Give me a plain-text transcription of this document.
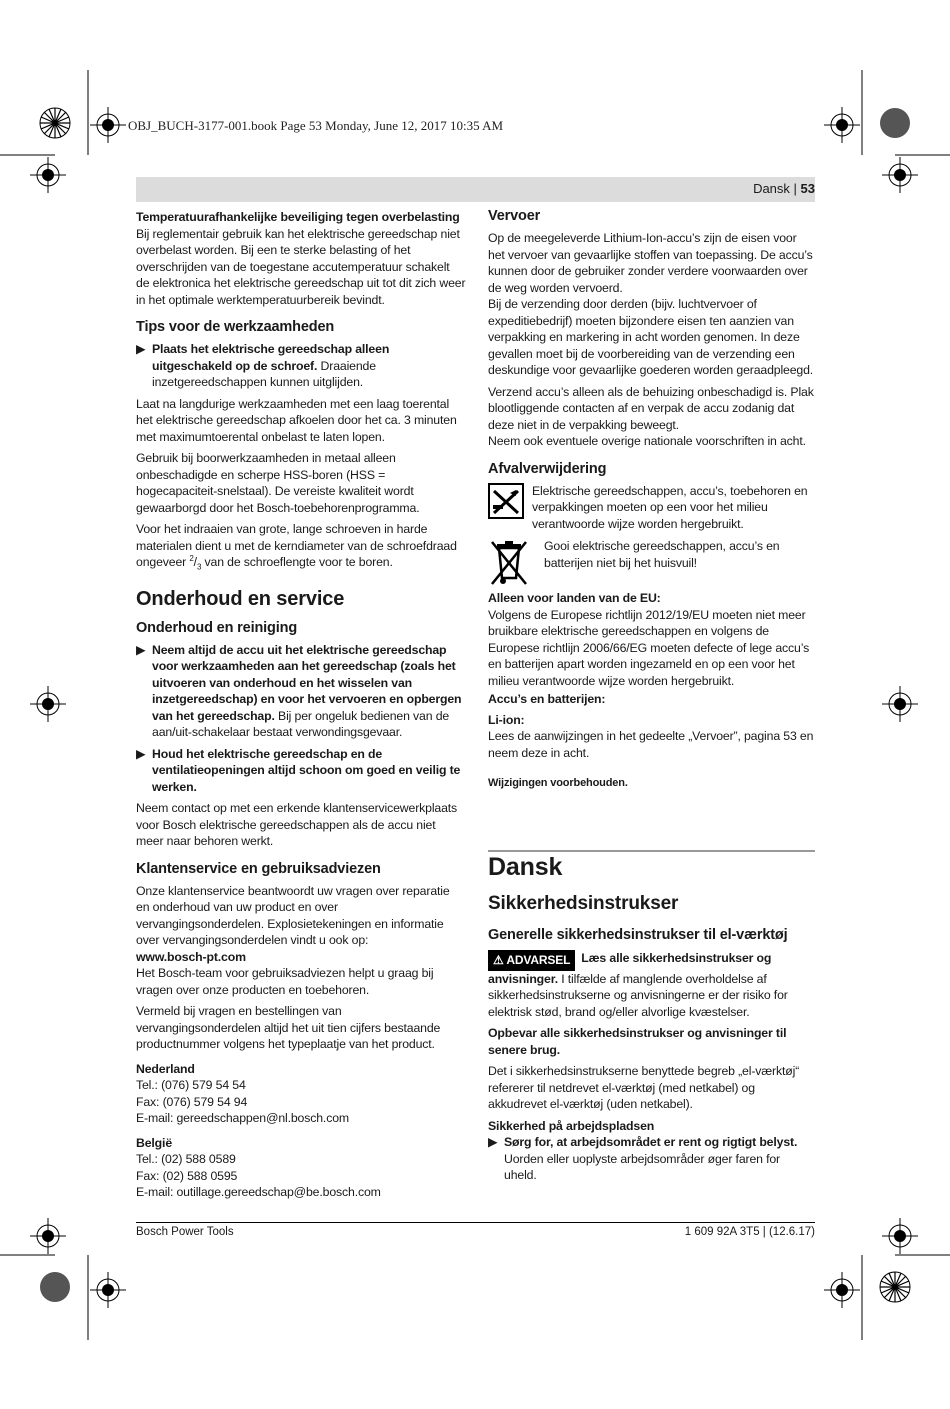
OBJ_BUCH-3177-001.book Page 53 Monday, June 12, 2017 10:35 AM
Dansk | 53
Temperatuurafhankelijke beveiliging tegen overbelasting

Bij reglementair gebruik kan het elektrische gereedschap niet overbelast worden. Bij een te sterke belasting of het overschrijden van de toegestane accutemperatuur schakelt de elektronica het elektrische gereedschap uit tot dit zich weer in het optimale werktemperatuurbereik bevindt.

Tips voor de werkzaamheden
▶ Plaats het elektrische gereedschap alleen uitgeschakeld op de schroef. Draaiende inzetgereedschappen kunnen uitglijden.

Laat na langdurige werkzaamheden met een laag toerental het elektrische gereedschap afkoelen door het ca. 3 minuten met maximumtoerental onbelast te laten lopen.

Gebruik bij boorwerkzaamheden in metaal alleen onbeschadigde en scherpe HSS-boren (HSS = hogecapaciteit-snelstaal). De vereiste kwaliteit wordt gewaarborgd door het Bosch-toebehorenprogramma.

Voor het indraaien van grote, lange schroeven in harde materialen dient u met de kerndiameter van de schroefdraad ongeveer $^2/_3$ van de schroeflengte voor te boren.

Onderhoud en service
Onderhoud en reiniging
▶ Neem altijd de accu uit het elektrische gereedschap voor werkzaamheden aan het gereedschap (zoals het uitvoeren van onderhoud en het wisselen van inzetgereedschap) en voor het vervoeren en opbergen van het gereedschap. Bij per ongeluk bedienen van de aan/uit-schakelaar bestaat verwondingsgevaar.
▶ Houd het elektrische gereedschap en de ventilatieopeningen altijd schoon om goed en veilig te werken.

Neem contact op met een erkende klantenservicewerkplaats voor Bosch elektrische gereedschappen als de accu niet meer naar behoren werkt.

Klantenservice en gebruiksadviezen

Onze klantenservice beantwoordt uw vragen over reparatie en onderhoud van uw product en over vervangingsonderdelen. Explosietekeningen en informatie over vervangingsonderdelen vindt u ook op:

www.bosch-pt.com

Het Bosch-team voor gebruiksadviezen helpt u graag bij vragen over onze producten en toebehoren.

Vermeld bij vragen en bestellingen van vervangingsonderdelen altijd het uit tien cijfers bestaande productnummer volgens het typeplaatje van het product.

Nederland
Tel.: (076) 579 54 54
Fax: (076) 579 54 94
E-mail: gereedschappen@nl.bosch.com
België
Tel.: (02) 588 0589
Fax: (02) 588 0595
E-mail: outillage.gereedschap@be.bosch.com
Vervoer

Op de meegeleverde Lithium-Ion-accu’s zijn de eisen voor het vervoer van gevaarlijke stoffen van toepassing. De accu’s kunnen door de gebruiker zonder verdere voorwaarden over de weg worden vervoerd.

Bij de verzending door derden (bijv. luchtvervoer of expeditiebedrijf) moeten bijzondere eisen ten aanzien van verpakking en markering in acht worden genomen. In deze gevallen moet bij de voorbereiding van de verzending een deskundige voor gevaarlijke goederen worden geraadpleegd.

Verzend accu’s alleen als de behuizing onbeschadigd is. Plak blootliggende contacten af en verpak de accu zodanig dat deze niet in de verpakking beweegt.

Neem ook eventuele overige nationale voorschriften in acht.

Afvalverwijdering
Elektrische gereedschappen, accu’s, toebehoren en verpakkingen moeten op een voor het milieu verantwoorde wijze worden hergebruikt.
Gooi elektrische gereedschappen, accu’s en batterijen niet bij het huisvuil!
Alleen voor landen van de EU:

Volgens de Europese richtlijn 2012/19/EU moeten niet meer bruikbare elektrische gereedschappen en volgens de Europese richtlijn 2006/66/EG moeten defecte of lege accu’s en batterijen apart worden ingezameld en op een voor het milieu verantwoorde wijze worden hergebruikt.

Accu’s en batterijen:
Li-ion:

Lees de aanwijzingen in het gedeelte „Vervoer”, pagina 53 en neem deze in acht.

Wijzigingen voorbehouden.
Dansk
Sikkerhedsinstrukser
Generelle sikkerhedsinstrukser til el-værktøj

⚠ ADVARSEL Læs alle sikkerhedsinstrukser og anvisninger. I tilfælde af manglende overholdelse af sikkerhedsinstrukserne og anvisningerne er der risiko for elektrisk stød, brand og/eller alvorlige kvæstelser.

Opbevar alle sikkerhedsinstrukser og anvisninger til senere brug.

Det i sikkerhedsinstrukserne benyttede begreb „el-værktøj“ refererer til netdrevet el-værktøj (med netkabel) og akkudrevet el-værktøj (uden netkabel).

Sikkerhed på arbejdspladsen
▶ Sørg for, at arbejdsområdet er rent og rigtigt belyst. Uorden eller uoplyste arbejdsområder øger faren for uheld.
Bosch Power Tools	1 609 92A 3T5 | (12.6.17)
